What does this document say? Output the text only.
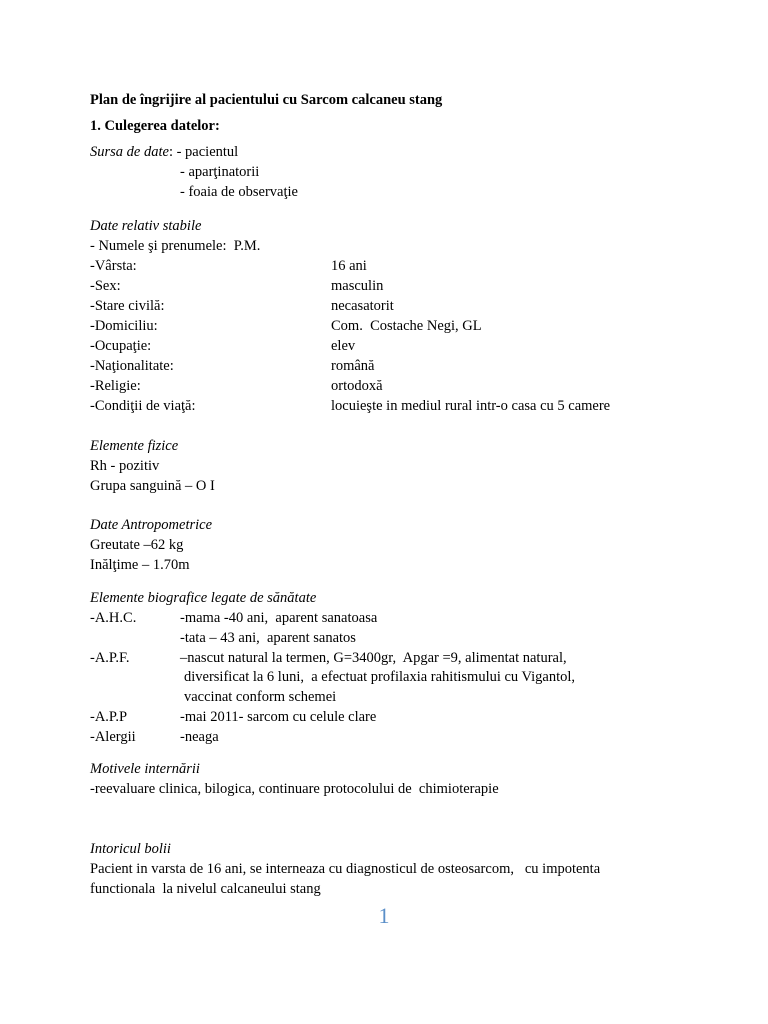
Plan de îngrijire al pacientului cu Sarcom calcaneu stang
1. Culegerea datelor:
Sursa de date: - pacientul
- aparţinatorii
- foaia de observaţie
Date relativ stabile
- Numele şi prenumele:  P.M.
-Vârsta:	16 ani
-Sex:	masculin
-Stare civilă:	necasatorit
-Domiciliu:	Com.  Costache Negi, GL
-Ocupaţie:	elev
-Naţionalitate:	română
-Religie:	ortodoxă
-Condiţii de viaţă:	locuieşte in mediul rural intr-o casa cu 5 camere
Elemente fizice
Rh - pozitiv
Grupa sanguină – O I
Date Antropometrice
Greutate –62 kg
Inălţime – 1.70m
Elemente biografice legate de sănătate
-A.H.C.	-mama -40 ani,  aparent sanatoasa
-tata – 43 ani,  aparent sanatos
-A.P.F.	–nascut natural la termen, G=3400gr,  Apgar =9, alimentat natural,
diversificat la 6 luni,  a efectuat profilaxia rahitismului cu Vigantol,
vaccinat conform schemei
-A.P.P	-mai 2011- sarcom cu celule clare
-Alergii	-neaga
Motivele internării
-reevaluare clinica, bilogica, continuare protocolului de  chimioterapie
Intoricul bolii
Pacient in varsta de 16 ani, se interneaza cu diagnosticul de osteosarcom,   cu impotenta
functionala  la nivelul calcaneului stang
1
